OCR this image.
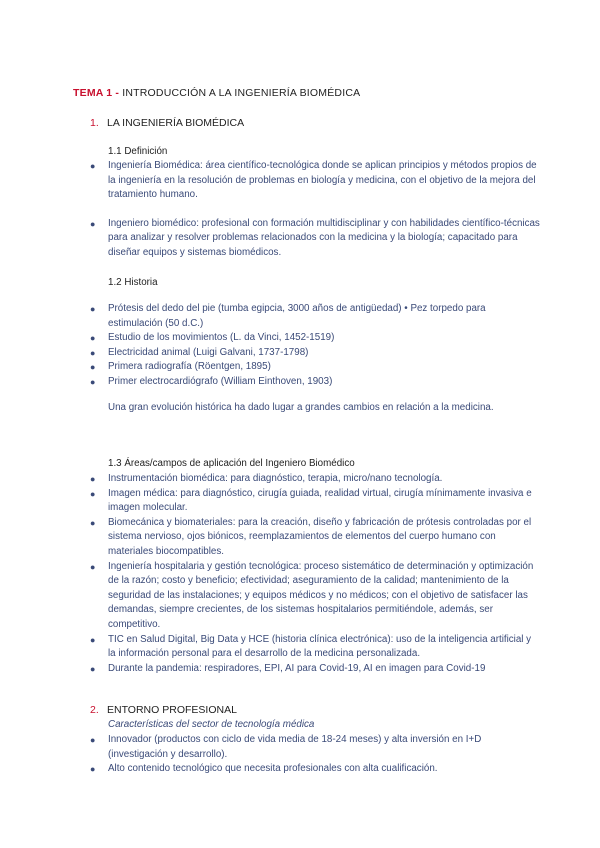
TEMA 1 - INTRODUCCIÓN A LA INGENIERÍA BIOMÉDICA
1. LA INGENIERÍA BIOMÉDICA
1.1 Definición
● Ingeniería Biomédica: área científico-tecnológica donde se aplican principios y métodos propios de la ingeniería en la resolución de problemas en biología y medicina, con el objetivo de la mejora del tratamiento humano.
● Ingeniero biomédico: profesional con formación multidisciplinar y con habilidades científico-técnicas para analizar y resolver problemas relacionados con la medicina y la biología; capacitado para diseñar equipos y sistemas biomédicos.
1.2 Historia
● Prótesis del dedo del pie (tumba egipcia, 3000 años de antigüedad) • Pez torpedo para estimulación (50 d.C.)
● Estudio de los movimientos (L. da Vinci, 1452-1519)
● Electricidad animal (Luigi Galvani, 1737-1798)
● Primera radiografía (Röentgen, 1895)
● Primer electrocardiógrafo (William Einthoven, 1903)
Una gran evolución histórica ha dado lugar a grandes cambios en relación a la medicina.
1.3 Áreas/campos de aplicación del Ingeniero Biomédico
● Instrumentación biomédica: para diagnóstico, terapia, micro/nano tecnología.
● Imagen médica: para diagnóstico, cirugía guiada, realidad virtual, cirugía mínimamente invasiva e imagen molecular.
● Biomecánica y biomateriales: para la creación, diseño y fabricación de prótesis controladas por el sistema nervioso, ojos biónicos, reemplazamientos de elementos del cuerpo humano con materiales biocompatibles.
● Ingeniería hospitalaria y gestión tecnológica: proceso sistemático de determinación y optimización de la razón; costo y beneficio; efectividad; aseguramiento de la calidad; mantenimiento de la seguridad de las instalaciones; y equipos médicos y no médicos; con el objetivo de satisfacer las demandas, siempre crecientes, de los sistemas hospitalarios permitiéndole, además, ser competitivo.
● TIC en Salud Digital, Big Data y HCE (historia clínica electrónica): uso de la inteligencia artificial y la información personal para el desarrollo de la medicina personalizada.
● Durante la pandemia: respiradores, EPI, AI para Covid-19, AI en imagen para Covid-19
2. ENTORNO PROFESIONAL
Características del sector de tecnología médica
● Innovador (productos con ciclo de vida media de 18-24 meses) y alta inversión en I+D (investigación y desarrollo).
● Alto contenido tecnológico que necesita profesionales con alta cualificación.
